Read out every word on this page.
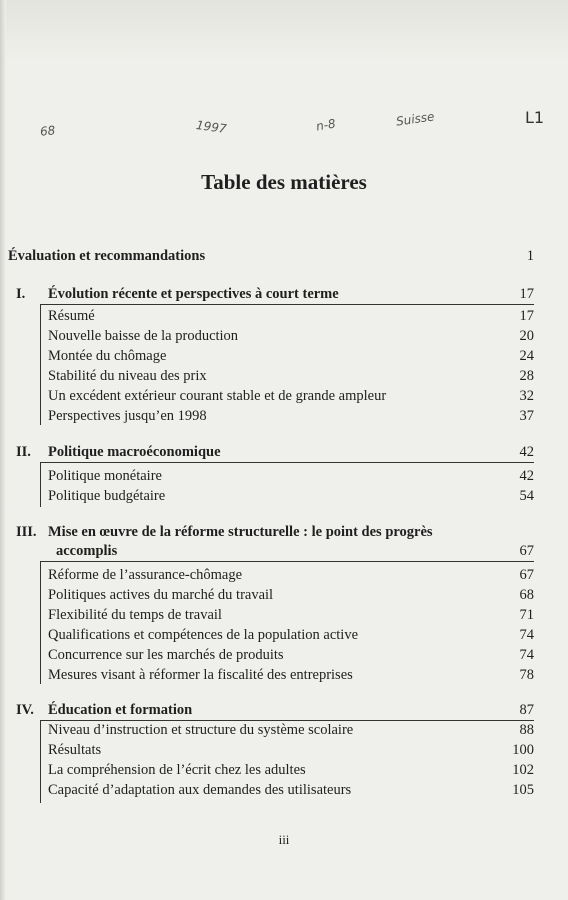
68	1997	n-8	Suisse	L1
Table des matières
Évaluation et recommandations	1
I. Évolution récente et perspectives à court terme	17
Résumé	17
Nouvelle baisse de la production	20
Montée du chômage	24
Stabilité du niveau des prix	28
Un excédent extérieur courant stable et de grande ampleur	32
Perspectives jusqu’en 1998	37
II. Politique macroéconomique	42
Politique monétaire	42
Politique budgétaire	54
III. Mise en œuvre de la réforme structurelle : le point des progrès
accomplis	67
Réforme de l’assurance-chômage	67
Politiques actives du marché du travail	68
Flexibilité du temps de travail	71
Qualifications et compétences de la population active	74
Concurrence sur les marchés de produits	74
Mesures visant à réformer la fiscalité des entreprises	78
IV. Éducation et formation	87
Niveau d’instruction et structure du système scolaire	88
Résultats	100
La compréhension de l’écrit chez les adultes	102
Capacité d’adaptation aux demandes des utilisateurs	105
iii
